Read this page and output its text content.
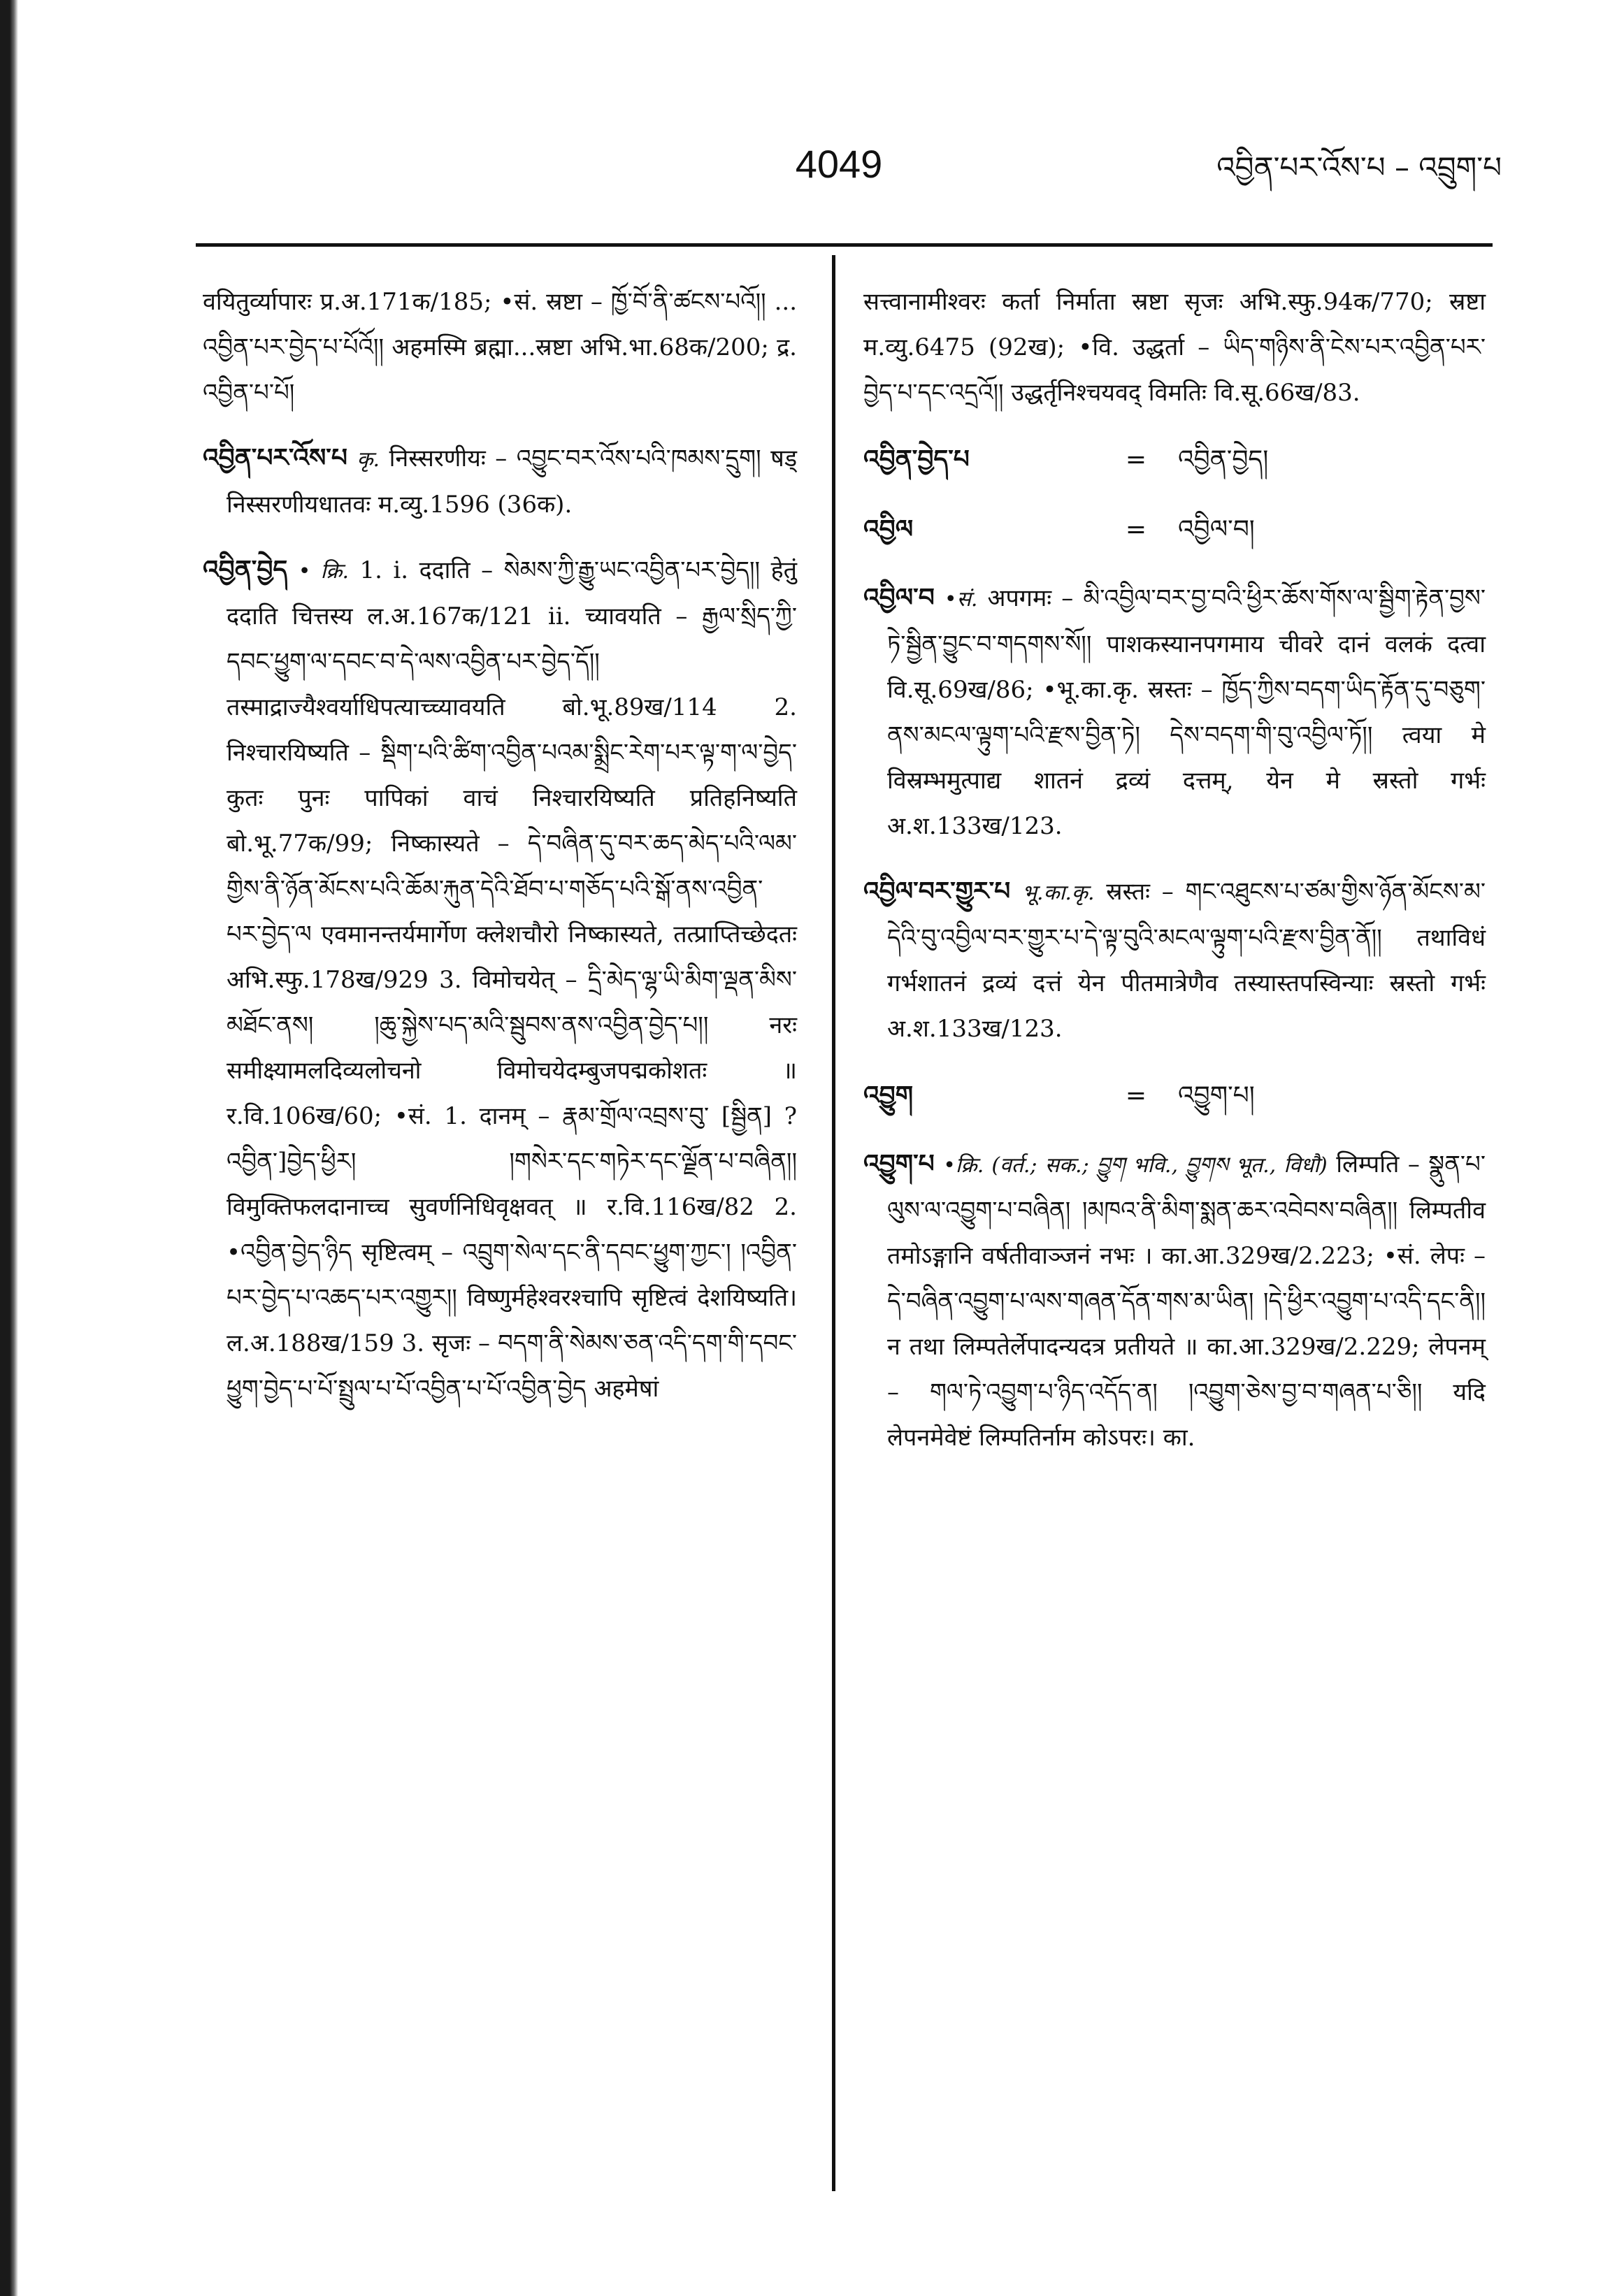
4049	འབྱིན་པར་འོས་པ – འབྲུག་པ

वयितुर्व्यापारः प्र.अ.171क/185; •सं. स्रष्टा – ཁྱོ་བོ་ནི་ཚངས་པའོ།། ... འབྱིན་པར་བྱེད་པ་པོའོ།། अहमस्मि ब्रह्मा...स्रष्टा अभि.भा.68क/200; द्र. འབྱིན་པ་པོ།

འབྱིན་པར་འོས་པ कृ. निस्सरणीयः – འབྱུང་བར་འོས་པའི་ཁམས་དྲུག། षड् निस्सरणीयधातवः म.व्यु.1596 (36क).

འབྱིན་བྱེད • क्रि. 1. i. ददाति – སེམས་ཀྱི་རྒྱུ་ཡང་འབྱིན་པར་བྱེད།། हेतुं ददाति चित्तस्य ल.अ.167क/121 ii. च्यावयति – རྒྱལ་སྲིད་ཀྱི་དབང་ཕྱུག་ལ་དབང་བ་དེ་ལས་འབྱིན་པར་བྱེད་དོ།། तस्माद्राज्यैश्वर्याधिपत्याच्च्यावयति बो.भू.89ख/114 2. निश्चारयिष्यति – སྡིག་པའི་ཚིག་འབྱིན་པའམ་སྨྲིང་རེག་པར་ལྟ་ག་ལ་བྱེད་ कुतः पुनः पापिकां वाचं निश्चारयिष्यति प्रतिहनिष्यति बो.भू.77क/99; निष्कास्यते – དེ་བཞིན་དུ་བར་ཆད་མེད་པའི་ལམ་གྱིས་ནི་ཉོན་མོངས་པའི་ཆོམ་རྐུན་དེའི་ཐོབ་པ་གཅོད་པའི་སྒོ་ནས་འབྱིན་པར་བྱེད་ལ एवमानन्तर्यमार्गेण क्लेशचौरो निष्कास्यते, तत्प्राप्तिच्छेदतः अभि.स्फु.178ख/929 3. विमोचयेत् – དྲི་མེད་ལྷ་ཡི་མིག་ལྡན་མིས་མཐོང་ནས། །ཆུ་སྐྱེས་པད་མའི་སྦུབས་ནས་འབྱིན་བྱེད་པ།། नरः समीक्ष्यामलदिव्यलोचनो विमोचयेदम्बुजपद्मकोशतः ॥ र.वि.106ख/60; •सं. 1. दानम् – རྣམ་གྲོལ་འབྲས་བུ་ [སྦྱིན] ?འབྱིན་]བྱེད་ཕྱིར། །གསེར་དང་གཏེར་དང་ལྗོན་པ་བཞིན།། विमुक्तिफलदानाच्च सुवर्णनिधिवृक्षवत् ॥ र.वि.116ख/82 2. •འབྱིན་བྱེད་ཉིད सृष्टित्वम् – འབྲུག་སེལ་དང་ནི་དབང་ཕྱུག་ཀྱང་། །འབྱིན་པར་བྱེད་པ་འཆད་པར་འགྱུར།། विष्णुर्महेश्वरश्चापि सृष्टित्वं देशयिष्यति। ल.अ.188ख/159 3. सृजः – བདག་ནི་སེམས་ཅན་འདི་དག་གི་དབང་ཕྱུག་བྱེད་པ་པོ་སྤྲུལ་པ་པོ་འབྱིན་པ་པོ་འབྱིན་བྱེད अहमेषां

सत्त्वानामीश्वरः कर्ता निर्माता स्रष्टा सृजः अभि.स्फु.94क/770; स्रष्टा म.व्यु.6475 (92ख); •वि. उद्धर्ता – ཡིད་གཉིས་ནི་ངེས་པར་འབྱིན་པར་བྱེད་པ་དང་འདྲའོ།། उद्धर्तृनिश्चयवद् विमतिः वि.सू.66ख/83.

འབྱིན་བྱེད་པ	=	འབྱིན་བྱེད།
འབྱིལ	=	འབྱིལ་བ།

འབྱིལ་བ •सं. अपगमः – མི་འབྱིལ་བར་བྱ་བའི་ཕྱིར་ཆོས་གོས་ལ་སྦྱིག་རྟེན་བྱས་ཏེ་སྦྱིན་བྱུང་བ་གདགས་སོ།། पाशकस्यानपगमाय चीवरे दानं वलकं दत्वा वि.सू.69ख/86; •भू.का.कृ. स्रस्तः – ཁྱོད་ཀྱིས་བདག་ཡིད་རྟོན་དུ་བཅུག་ནས་མངལ་ལྟུག་པའི་རྫས་བྱིན་ཏེ། དེས་བདག་གི་བུ་འབྱིལ་ཏོ།། त्वया मे विस्रम्भमुत्पाद्य शातनं द्रव्यं दत्तम्, येन मे स्रस्तो गर्भः अ.श.133ख/123.

འབྱིལ་བར་གྱུར་པ भू.का.कृ. स्रस्तः – གང་འཐུངས་པ་ཙམ་གྱིས་ཉོན་མོངས་མ་དེའི་བུ་འབྱིལ་བར་གྱུར་པ་དེ་ལྟ་བུའི་མངལ་ལྟུག་པའི་རྫས་བྱིན་ནོ།། तथाविधं गर्भशातनं द्रव्यं दत्तं येन पीतमात्रेणैव तस्यास्तपस्विन्याः स्रस्तो गर्भः अ.श.133ख/123.

འབྱུག	=	འབྱུག་པ།

འབྱུག་པ •क्रि. (वर्त.; सक.; བྱུག भवि., བྱུགས भूत., विधौ) लिम्पति – སྣུན་པ་ལུས་ལ་འབྱུག་པ་བཞིན། །མཁའ་ནི་མིག་སྨན་ཆར་འབེབས་བཞིན།། लिम्पतीव तमोऽङ्गानि वर्षतीवाञ्जनं नभः । का.आ.329ख/2.223; •सं. लेपः – དེ་བཞིན་འབྱུག་པ་ལས་གཞན་དོན་གས་མ་ཡིན། །དེ་ཕྱིར་འབྱུག་པ་འདི་དང་ནི།། न तथा लिम्पतेर्लेपादन्यदत्र प्रतीयते ॥ का.आ.329ख/2.229; लेपनम् – གལ་ཏེ་འབྱུག་པ་ཉིད་འདོད་ན། །འབྱུག་ཅེས་བྱ་བ་གཞན་པ་ཅི།། यदि लेपनमेवेष्टं लिम्पतिर्नाम कोऽपरः। का.
